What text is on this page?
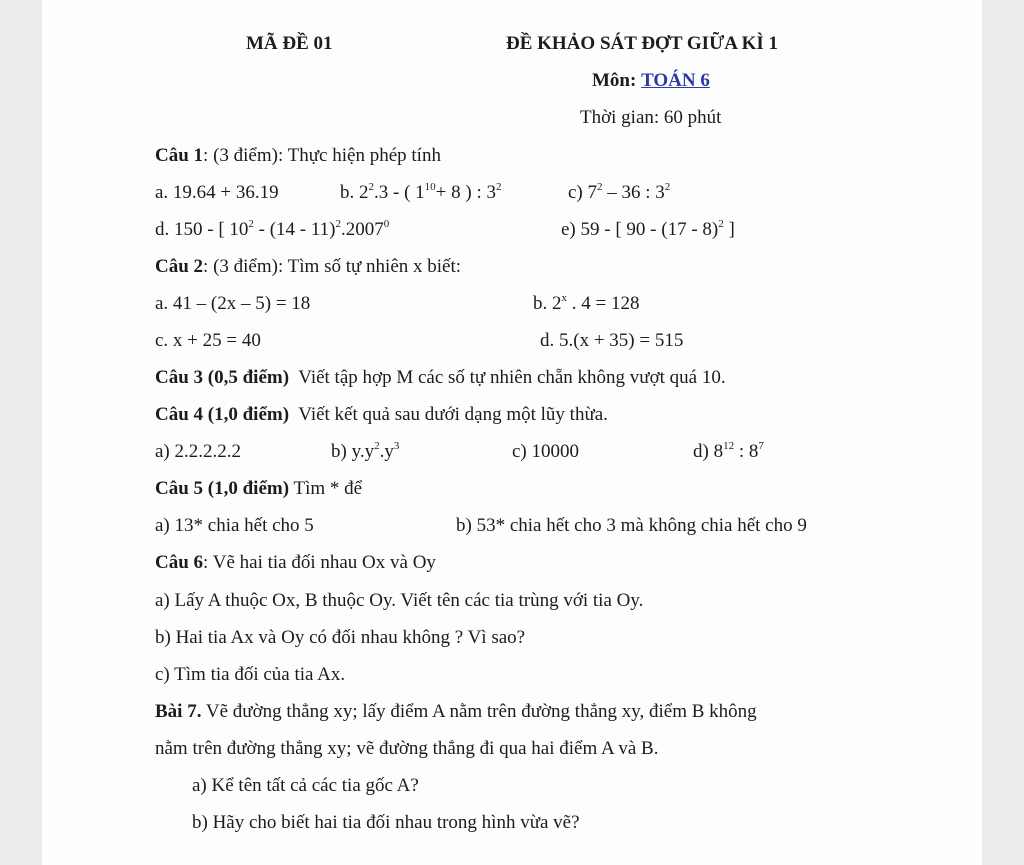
MÃ ĐỀ 01	ĐỀ KHẢO SÁT ĐỢT GIỮA KÌ 1
Môn: TOÁN 6
Thời gian: 60 phút
Câu 1: (3 điểm): Thực hiện phép tính
a. 19.64 + 36.19	b. $2^2.3$ - ( $1^{10}+ 8$ ) : $3^2$	c) $7^2 - 36$ : $3^2$
d. 150 - [ $10^2 - (14 - 11)^2.2007^0$	e) 59 - [ 90 - (17 - 8)$^2$ ]
Câu 2: (3 điểm): Tìm số tự nhiên x biết:
a. 41 – (2x – 5) = 18	b. 2$^x$ . 4 = 128
c. x + 25 = 40	d. 5.(x + 35) = 515
Câu 3 (0,5 điểm) Viết tập hợp M các số tự nhiên chẵn không vượt quá 10.
Câu 4 (1,0 điểm) Viết kết quả sau dưới dạng một lũy thừa.
a) 2.2.2.2.2	b) $y.y^2.y^3$	c) 10000	d) $8^{12}$ : $8^7$
Câu 5 (1,0 điểm) Tìm * để
a) 13* chia hết cho 5	b) 53* chia hết cho 3 mà không chia hết cho 9
Câu 6: Vẽ hai tia đối nhau Ox và Oy
a) Lấy A thuộc Ox, B thuộc Oy. Viết tên các tia trùng với tia Oy.
b) Hai tia Ax và Oy có đối nhau không ? Vì sao?
c) Tìm tia đối của tia Ax.
Bài 7. Vẽ đường thẳng xy; lấy điểm A nằm trên đường thẳng xy, điểm B không
nằm trên đường thẳng xy; vẽ đường thẳng đi qua hai điểm A và B.
a) Kể tên tất cả các tia gốc A?
b) Hãy cho biết hai tia đối nhau trong hình vừa vẽ?
